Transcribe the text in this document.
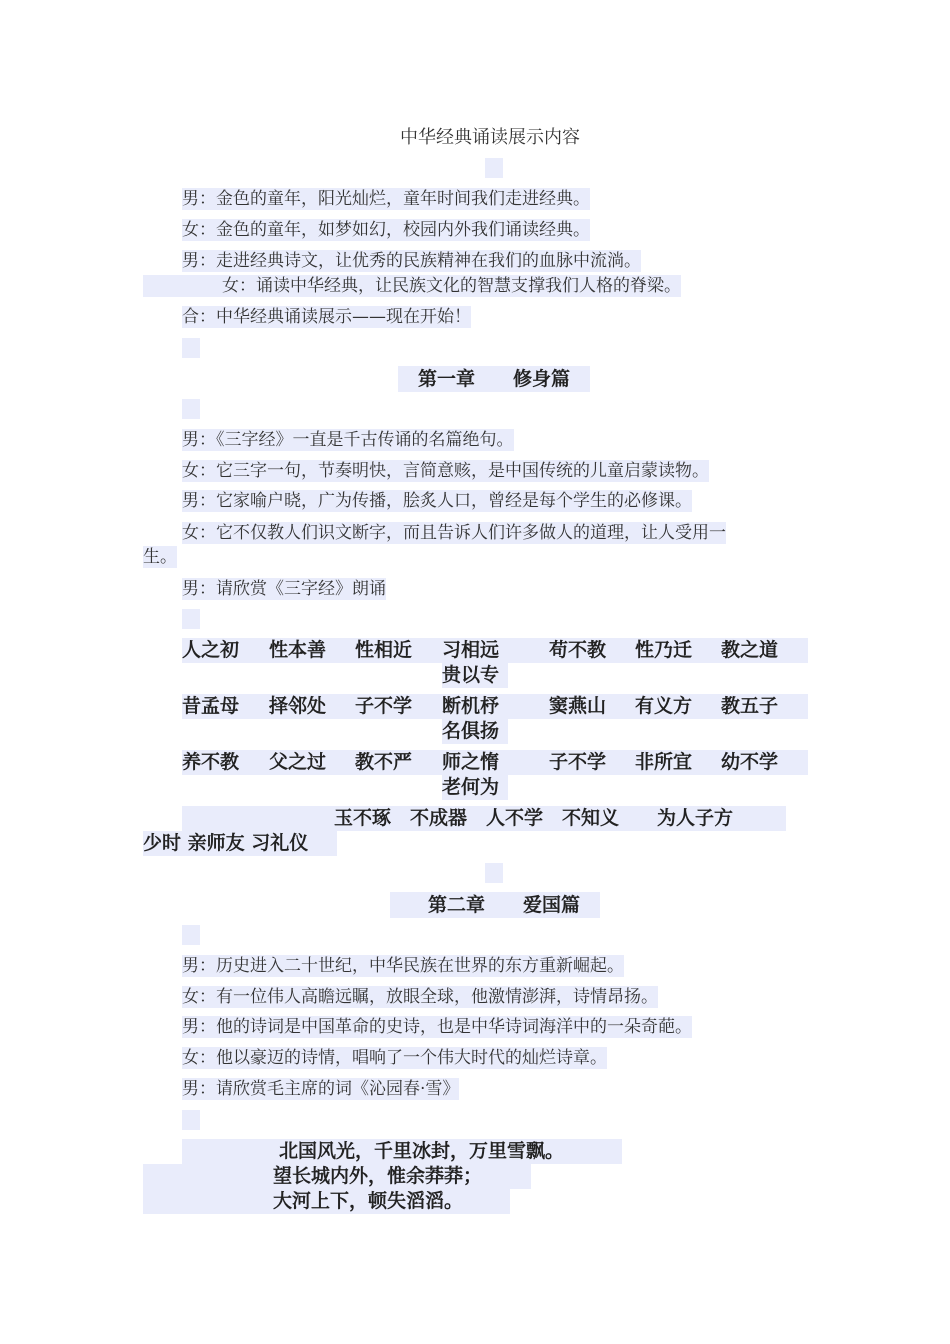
中华经典诵读展示内容
男：金色的童年，阳光灿烂，童年时间我们走进经典。
女：金色的童年，如梦如幻，校园内外我们诵读经典。
男：走进经典诗文，让优秀的民族精神在我们的血脉中流淌。
女：诵读中华经典，让民族文化的智慧支撑我们人格的脊梁。
合：中华经典诵读展示——现在开始！
第一章　　修身篇
男：《三字经》一直是千古传诵的名篇绝句。
女：它三字一句，节奏明快，言简意赅，是中国传统的儿童启蒙读物。
男：它家喻户晓，广为传播，脍炙人口，曾经是每个学生的必修课。
女：它不仅教人们识文断字，而且告诉人们许多做人的道理，让人受用一
生。
男：请欣赏《三字经》朗诵
人之初 性本善 性相近 习相远	苟不教 性乃迁 教之道
贵以专
昔孟母 择邻处 子不学 断机杼	窦燕山 有义方 教五子
名俱扬
养不教 父之过 教不严 师之惰	子不学 非所宜 幼不学
老何为
玉不琢　不成器　人不学　不知义　　为人子方
少时 亲师友 习礼仪
第二章　　爱国篇
男：历史进入二十世纪，中华民族在世界的东方重新崛起。
女：有一位伟人高瞻远瞩，放眼全球，他激情澎湃，诗情昂扬。
男：他的诗词是中国革命的史诗，也是中华诗词海洋中的一朵奇葩。
女：他以豪迈的诗情，唱响了一个伟大时代的灿烂诗章。
男：请欣赏毛主席的词《沁园春·雪》
北国风光，千里冰封，万里雪飘。
望长城内外，惟余莽莽；
大河上下，顿失滔滔。
